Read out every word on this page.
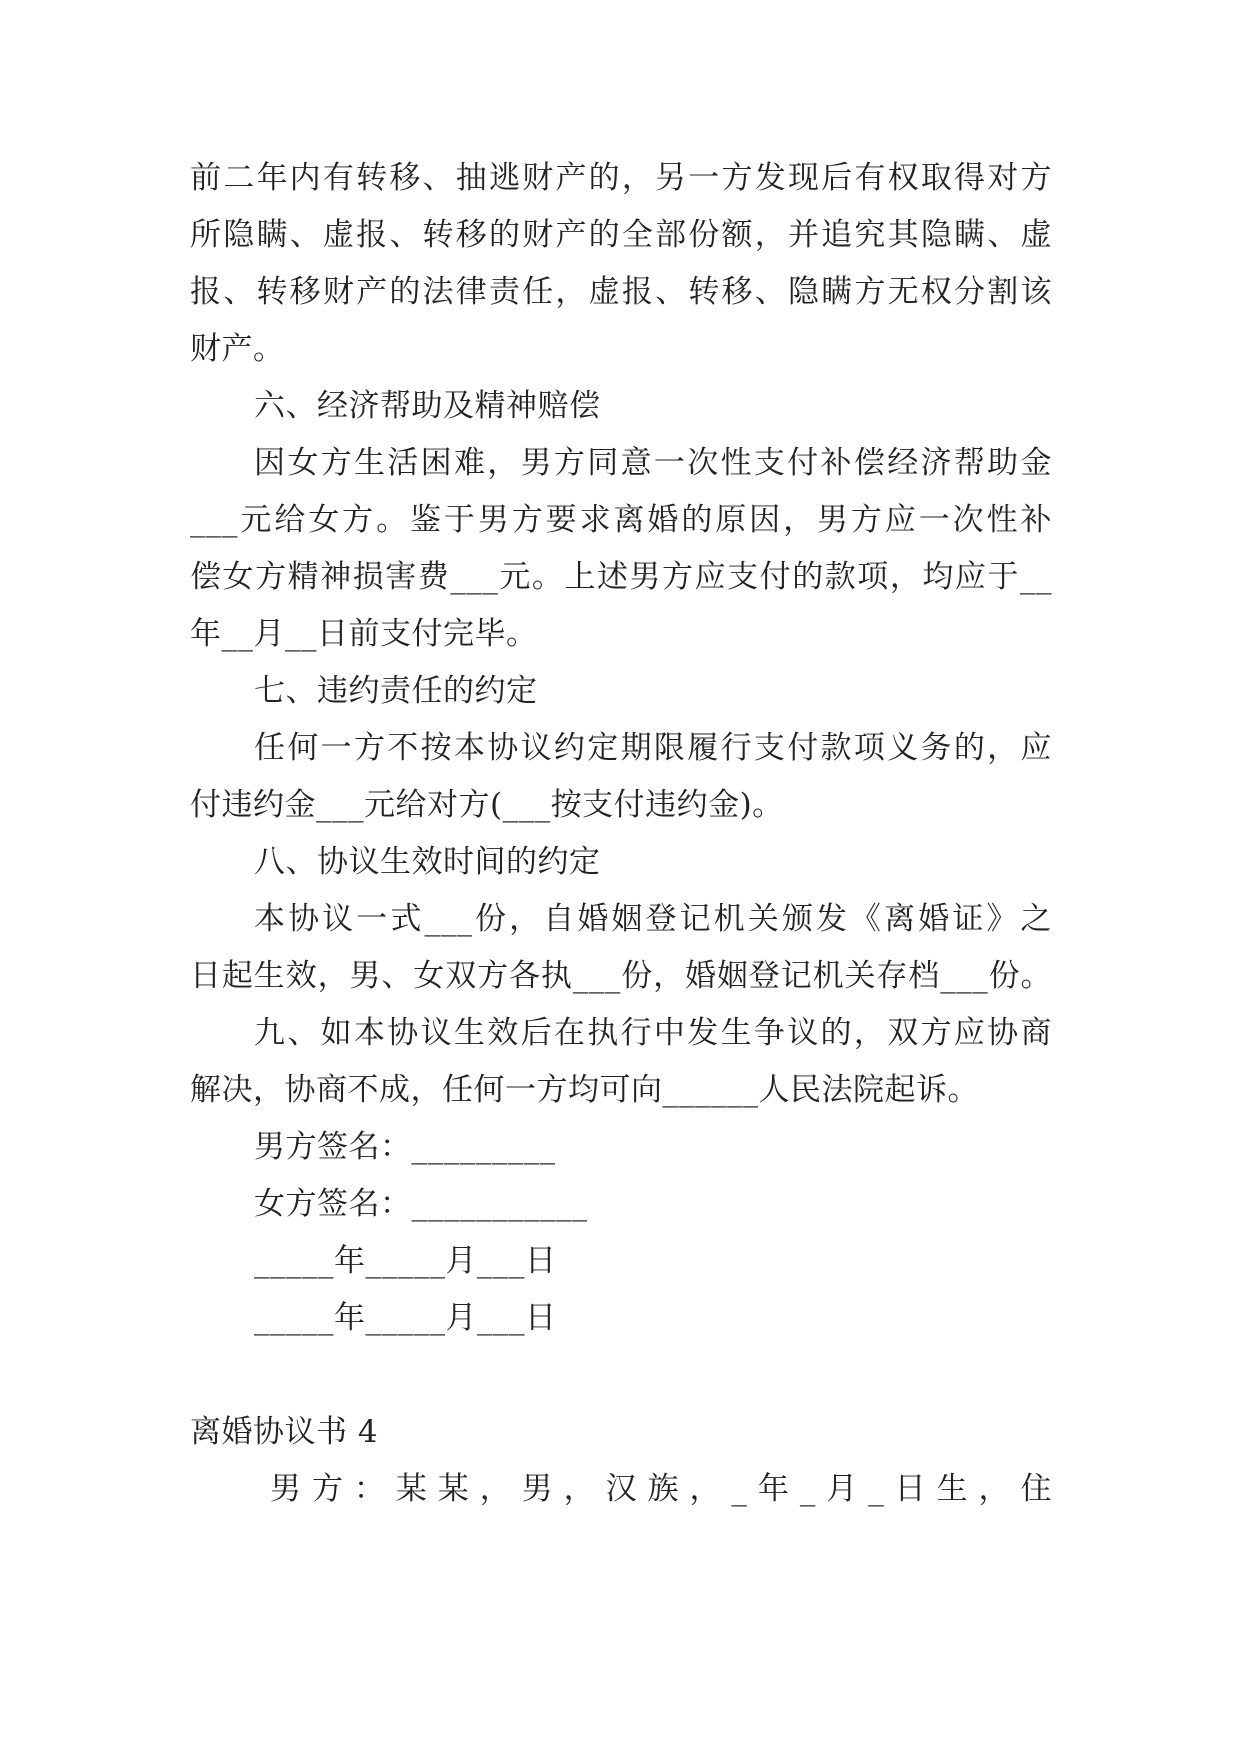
前二年内有转移、抽逃财产的，另一方发现后有权取得对方
所隐瞒、虚报、转移的财产的全部份额，并追究其隐瞒、虚
报、转移财产的法律责任，虚报、转移、隐瞒方无权分割该
财产。
六、经济帮助及精神赔偿
因女方生活困难，男方同意一次性支付补偿经济帮助金
___元给女方。鉴于男方要求离婚的原因，男方应一次性补
偿女方精神损害费___元。上述男方应支付的款项，均应于__
年__月__日前支付完毕。
七、违约责任的约定
任何一方不按本协议约定期限履行支付款项义务的，应
付违约金___元给对方(___按支付违约金)。
八、协议生效时间的约定
本协议一式___份，自婚姻登记机关颁发《离婚证》之
日起生效，男、女双方各执___份，婚姻登记机关存档___份。
九、如本协议生效后在执行中发生争议的，双方应协商
解决，协商不成，任何一方均可向______人民法院起诉。
男方签名：_________
女方签名：___________
_____年_____月___日
_____年_____月___日
离婚协议书 4
男方：某某，男，汉族，_年_月_日生，住
